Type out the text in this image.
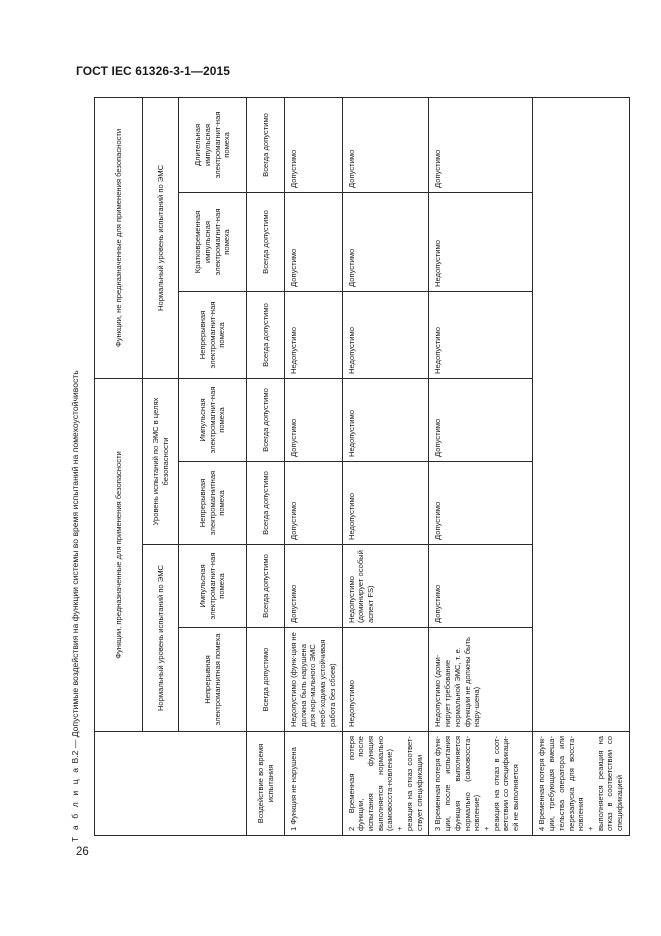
ГОСТ IEC 61326-3-1—2015
Т а б л и ц а В.2 — Допустимые воздействия на функции системы во время испытаний на помехоустойчивость
		Функции, предназначенные для применения безопасности				Функции, не предназначенные для применения безопасности		
	Нормальный уровень испытаний по ЭМС		Уровень испытаний по ЭМС в целях безопасности		Нормальный уровень испытаний по ЭМС		
	Непрерывная электромагнитная помеха	Импульсная электромагнит-ная помеха	Непрерывная электромагнитная помеха	Импульсная электромагнит-ная помеха	Непрерывная электромагнит-ная помеха	Кратковременная импульсная электромагнит-ная помеха	Длительная импульсная электромагнит-ная помеха
Воздействие во время испытания	Всегда допустимо	Всегда допустимо	Всегда допустимо	Всегда допустимо	Всегда допустимо	Всегда допустимо	Всегда допустимо
1 Функция не нарушена	Недопустимо (функ-ция не должна быть нарушена для нор-мального ЭМС необ-ходима устойчивая работа без сбоев)	Допустимо	Допустимо	Допустимо	Недопустимо	Допустимо	Допустимо
2 Временная потеря функции, после испытания функция выполняется нормально (самовосста-новление) + реакция на отказ соответ-ствует спецификации	Недопустимо	Недопустимо (доминирует особый аспект FS)	Недопустимо	Недопустимо	Недопустимо	Допустимо	Допустимо
3 Временная потеря функ-ции, после испытания функция выполняется нормально (самовосста-новление) + реакция на отказ в соот-ветствии со спецификаци-ей не выполняется	Недопустимо (доми-нирует требование нормальной ЭМС, т. е. функции не должны быть нару-шена)	Допустимо	Допустимо	Допустимо	Недопустимо	Недопустимо	Допустимо
4 Временная потеря функ-ции, требующая вмеша-тельства оператора или перезапуска для восста-новления + выполняется реакция на отказ в соответствии со спецификацией							
26
